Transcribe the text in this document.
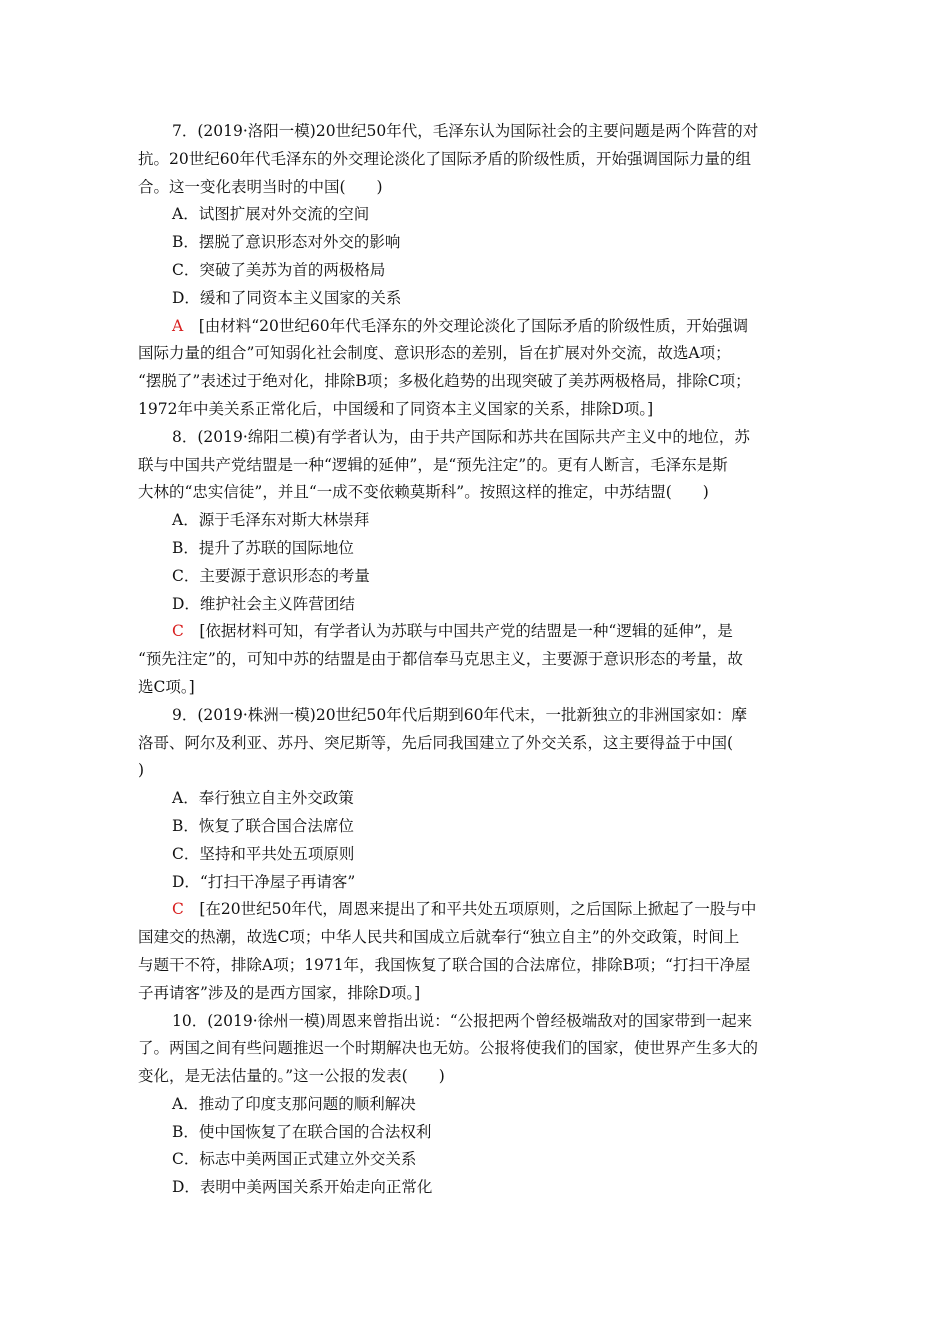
7．(2019·洛阳一模)20世纪50年代，毛泽东认为国际社会的主要问题是两个阵营的对
抗。20世纪60年代毛泽东的外交理论淡化了国际矛盾的阶级性质，开始强调国际力量的组
合。这一变化表明当时的中国(　　)
A．试图扩展对外交流的空间
B．摆脱了意识形态对外交的影响
C．突破了美苏为首的两极格局
D．缓和了同资本主义国家的关系
A　[由材料“20世纪60年代毛泽东的外交理论淡化了国际矛盾的阶级性质，开始强调
国际力量的组合”可知弱化社会制度、意识形态的差别，旨在扩展对外交流，故选A项；
“摆脱了”表述过于绝对化，排除B项；多极化趋势的出现突破了美苏两极格局，排除C项；
1972年中美关系正常化后，中国缓和了同资本主义国家的关系，排除D项。]
8．(2019·绵阳二模)有学者认为，由于共产国际和苏共在国际共产主义中的地位，苏
联与中国共产党结盟是一种“逻辑的延伸”，是“预先注定”的。更有人断言，毛泽东是斯
大林的“忠实信徒”，并且“一成不变依赖莫斯科”。按照这样的推定，中苏结盟(　　)
A．源于毛泽东对斯大林崇拜
B．提升了苏联的国际地位
C．主要源于意识形态的考量
D．维护社会主义阵营团结
C　[依据材料可知，有学者认为苏联与中国共产党的结盟是一种“逻辑的延伸”，是
“预先注定”的，可知中苏的结盟是由于都信奉马克思主义，主要源于意识形态的考量，故
选C项。]
9．(2019·株洲一模)20世纪50年代后期到60年代末，一批新独立的非洲国家如：摩
洛哥、阿尔及利亚、苏丹、突尼斯等，先后同我国建立了外交关系，这主要得益于中国(
)
A．奉行独立自主外交政策
B．恢复了联合国合法席位
C．坚持和平共处五项原则
D．“打扫干净屋子再请客”
C　[在20世纪50年代，周恩来提出了和平共处五项原则，之后国际上掀起了一股与中
国建交的热潮，故选C项；中华人民共和国成立后就奉行“独立自主”的外交政策，时间上
与题干不符，排除A项；1971年，我国恢复了联合国的合法席位，排除B项；“打扫干净屋
子再请客”涉及的是西方国家，排除D项。]
10．(2019·徐州一模)周恩来曾指出说：“公报把两个曾经极端敌对的国家带到一起来
了。两国之间有些问题推迟一个时期解决也无妨。公报将使我们的国家，使世界产生多大的
变化，是无法估量的。”这一公报的发表(　　)
A．推动了印度支那问题的顺利解决
B．使中国恢复了在联合国的合法权利
C．标志中美两国正式建立外交关系
D．表明中美两国关系开始走向正常化
